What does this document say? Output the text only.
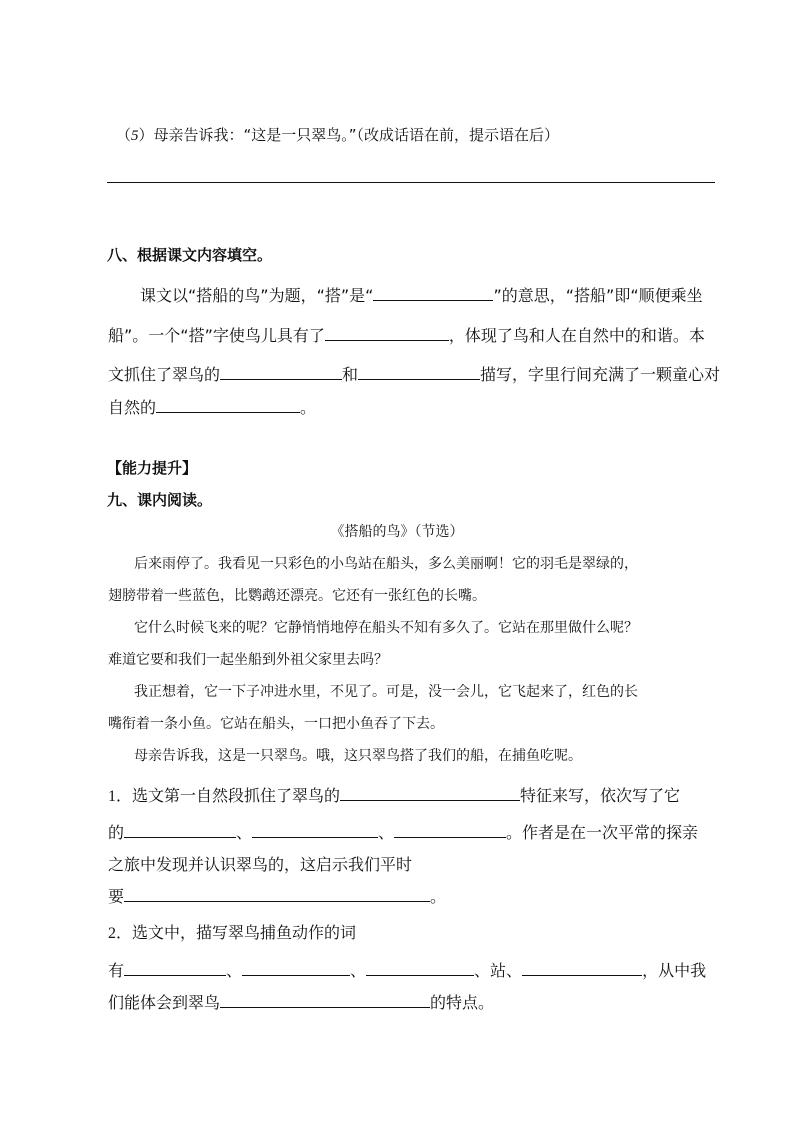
（5）母亲告诉我：“这是一只翠鸟。”（改成话语在前，提示语在后）
八、根据课文内容填空。
课文以“搭船的鸟”为题，“搭”是“	”的意思，“搭船”即“顺便乘坐
船”。一个“搭”字使鸟儿具有了	，体现了鸟和人在自然中的和谐。本
文抓住了翠鸟的	和	描写，字里行间充满了一颗童心对
自然的	。
【能力提升】
九、课内阅读。
《搭船的鸟》（节选）
后来雨停了。我看见一只彩色的小鸟站在船头，多么美丽啊！它的羽毛是翠绿的，
翅膀带着一些蓝色，比鹦鹉还漂亮。它还有一张红色的长嘴。
它什么时候飞来的呢？它静悄悄地停在船头不知有多久了。它站在那里做什么呢？
难道它要和我们一起坐船到外祖父家里去吗？
我正想着，它一下子冲进水里，不见了。可是，没一会儿，它飞起来了，红色的长
嘴衔着一条小鱼。它站在船头，一口把小鱼吞了下去。
母亲告诉我，这是一只翠鸟。哦，这只翠鸟搭了我们的船，在捕鱼吃呢。
1．选文第一自然段抓住了翠鸟的	特征来写，依次写了它
的	、	、	。作者是在一次平常的探亲
之旅中发现并认识翠鸟的，这启示我们平时
要	。
2．选文中，描写翠鸟捕鱼动作的词
有	、	、	、站、	，从中我
们能体会到翠鸟	的特点。
